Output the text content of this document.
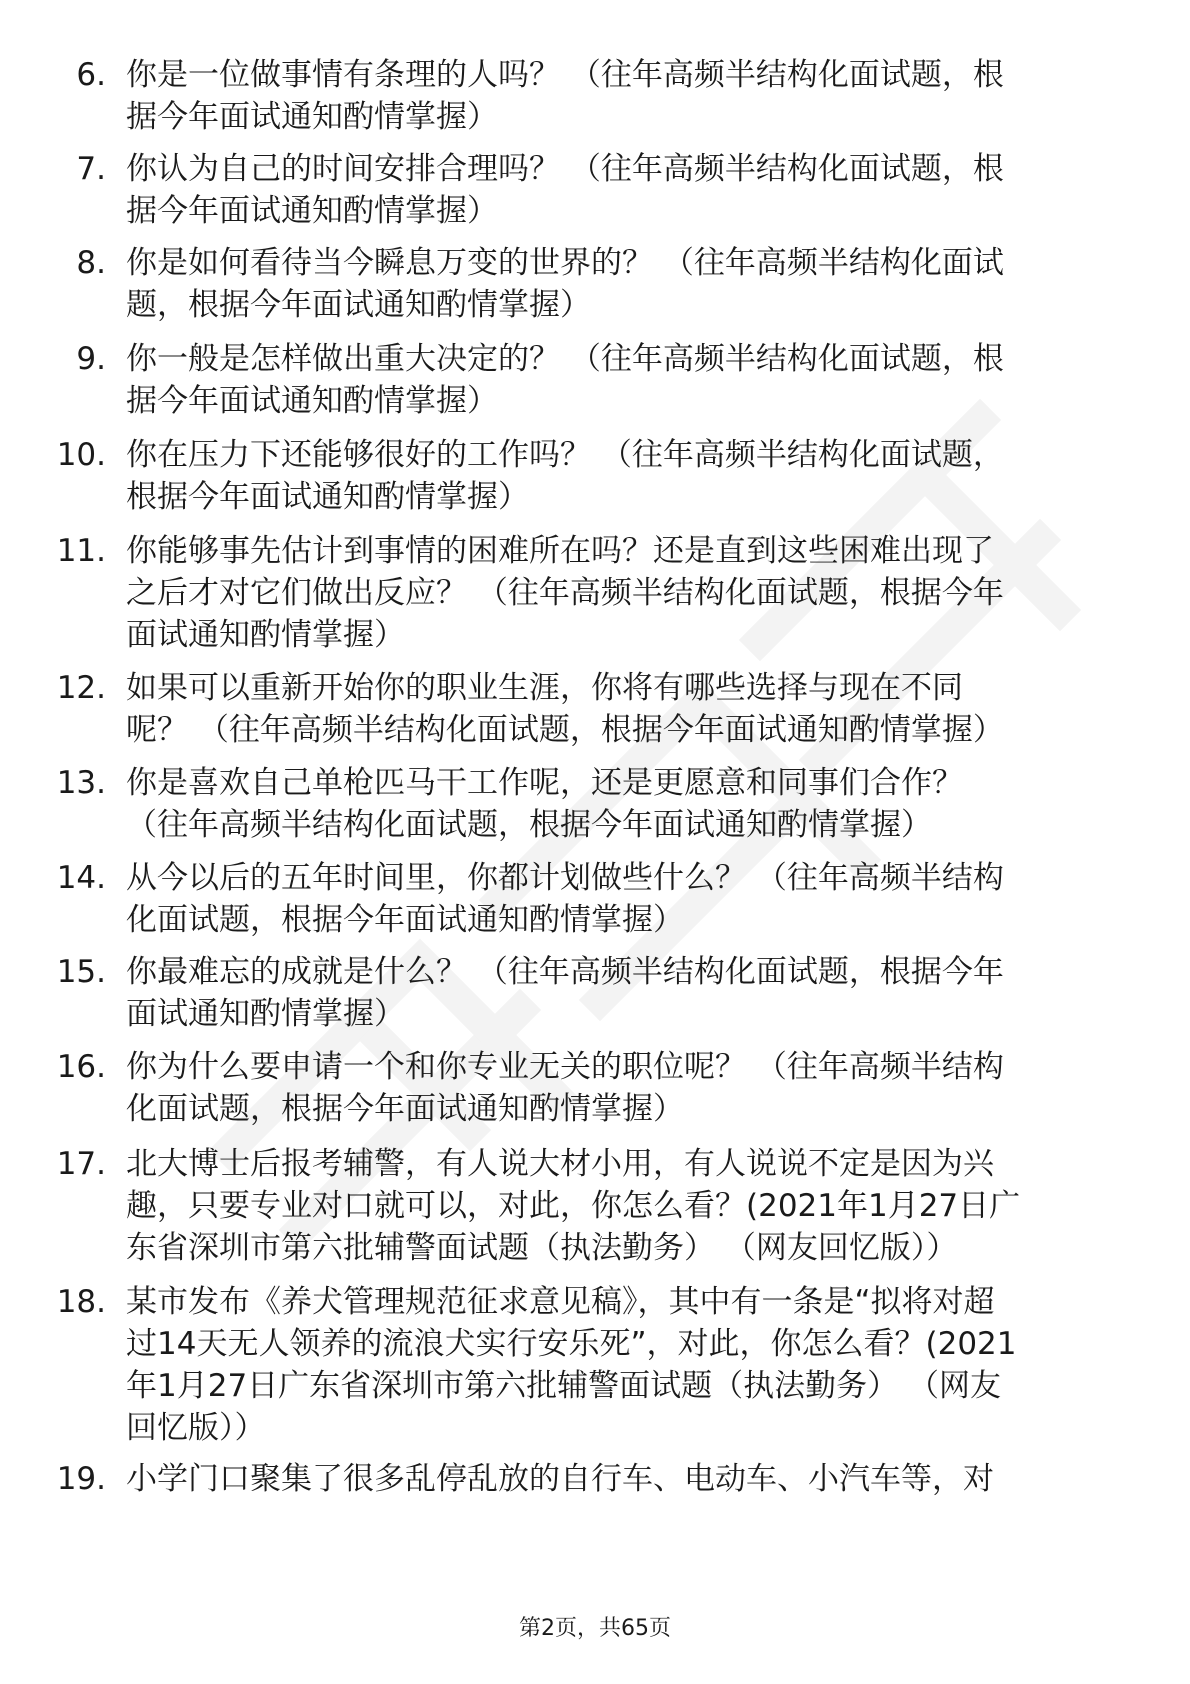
6. 你是一位做事情有条理的人吗？ （往年高频半结构化面试题，根
据今年面试通知酌情掌握）
7. 你认为自己的时间安排合理吗？ （往年高频半结构化面试题，根
据今年面试通知酌情掌握）
8. 你是如何看待当今瞬息万变的世界的？ （往年高频半结构化面试
题，根据今年面试通知酌情掌握）
9. 你一般是怎样做出重大决定的？ （往年高频半结构化面试题，根
据今年面试通知酌情掌握）
10. 你在压力下还能够很好的工作吗？ （往年高频半结构化面试题，
根据今年面试通知酌情掌握）
11. 你能够事先估计到事情的困难所在吗？还是直到这些困难出现了
之后才对它们做出反应？ （往年高频半结构化面试题，根据今年
面试通知酌情掌握）
12. 如果可以重新开始你的职业生涯，你将有哪些选择与现在不同
呢？ （往年高频半结构化面试题，根据今年面试通知酌情掌握）
13. 你是喜欢自己单枪匹马干工作呢，还是更愿意和同事们合作？
（往年高频半结构化面试题，根据今年面试通知酌情掌握）
14. 从今以后的五年时间里，你都计划做些什么？ （往年高频半结构
化面试题，根据今年面试通知酌情掌握）
15. 你最难忘的成就是什么？ （往年高频半结构化面试题，根据今年
面试通知酌情掌握）
16. 你为什么要申请一个和你专业无关的职位呢？ （往年高频半结构
化面试题，根据今年面试通知酌情掌握）
17. 北大博士后报考辅警，有人说大材小用，有人说说不定是因为兴
趣，只要专业对口就可以，对此，你怎么看？(2021年1月27日广
东省深圳市第六批辅警面试题（执法勤务） （网友回忆版））
18. 某市发布《养犬管理规范征求意见稿》，其中有一条是“拟将对超
过14天无人领养的流浪犬实行安乐死”，对此，你怎么看？(2021
年1月27日广东省深圳市第六批辅警面试题（执法勤务） （网友
回忆版））
19. 小学门口聚集了很多乱停乱放的自行车、电动车、小汽车等，对
第2页，共65页
